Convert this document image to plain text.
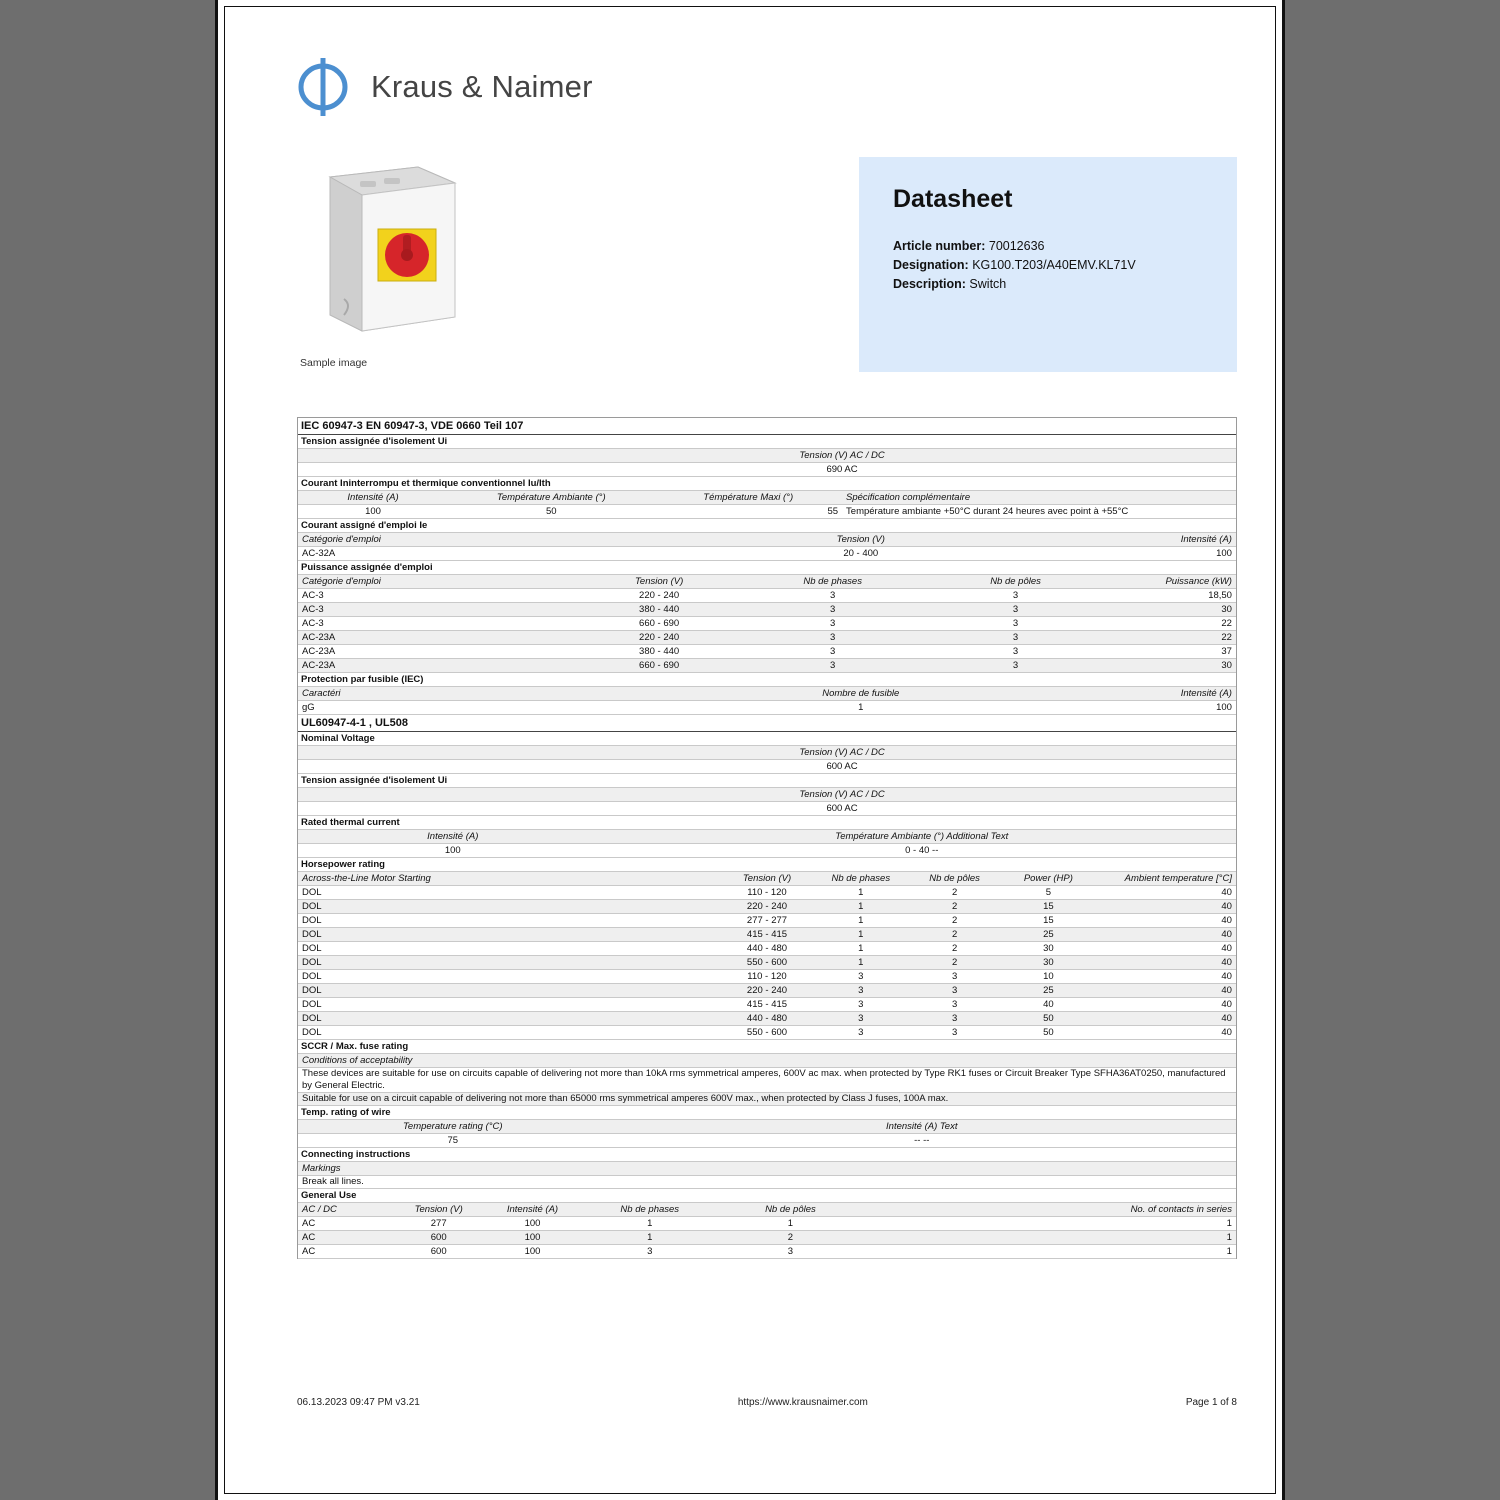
Kraus & Naimer
Sample image
Datasheet
Article number: 70012636
Designation: KG100.T203/A40EMV.KL71V
Description: Switch
IEC 60947-3 EN 60947-3, VDE 0660 Teil 107
Tension assignée d'isolement Ui
Tension (V) AC / DC
690 AC
Courant Ininterrompu et thermique conventionnel Iu/Ith
Intensité (A)	Température Ambiante (°)	Témpérature Maxi (°)	Spécification complémentaire
100	50	55 Température ambiante +50°C durant 24 heures avec point à +55°C
Courant assigné d'emploi Ie
Catégorie d'emploi	Tension (V)	Intensité (A)
AC-32A	20 - 400	100
Puissance assignée d'emploi
Catégorie d'emploi	Tension (V)	Nb de phases	Nb de pôles	Puissance (kW)
AC-3	220 - 240	3	3	18,50
AC-3	380 - 440	3	3	30
AC-3	660 - 690	3	3	22
AC-23A	220 - 240	3	3	22
AC-23A	380 - 440	3	3	37
AC-23A	660 - 690	3	3	30
Protection par fusible (IEC)
Caractéri	Nombre de fusible	Intensité (A)
gG	1	100
UL60947-4-1 , UL508
Nominal Voltage
Tension (V) AC / DC
600 AC
Tension assignée d'isolement Ui
Tension (V) AC / DC
600 AC
Rated thermal current
Intensité (A)	Température Ambiante (°) Additional Text
100	0 - 40 --
Horsepower rating
Across-the-Line Motor Starting	Tension (V)	Nb de phases	Nb de pôles	Power (HP)	Ambient temperature [°C]
DOL	110 - 120	1	2	5	40
DOL	220 - 240	1	2	15	40
DOL	277 - 277	1	2	15	40
DOL	415 - 415	1	2	25	40
DOL	440 - 480	1	2	30	40
DOL	550 - 600	1	2	30	40
DOL	110 - 120	3	3	10	40
DOL	220 - 240	3	3	25	40
DOL	415 - 415	3	3	40	40
DOL	440 - 480	3	3	50	40
DOL	550 - 600	3	3	50	40
SCCR / Max. fuse rating
Conditions of acceptability
These devices are suitable for use on circuits capable of delivering not more than 10kA rms symmetrical amperes, 600V ac max. when protected by Type RK1 fuses or Circuit Breaker Type SFHA36AT0250, manufactured by General Electric.
Suitable for use on a circuit capable of delivering not more than 65000 rms symmetrical amperes 600V max., when protected by Class J fuses, 100A max.
Temp. rating of wire
Temperature rating (°C)	Intensité (A) Text
75	-- --
Connecting instructions
Markings
Break all lines.
General Use
AC / DC	Tension (V)	Intensité (A)	Nb de phases	Nb de pôles	No. of contacts in series
AC	277	100	1	1	1
AC	600	100	1	2	1
AC	600	100	3	3	1
06.13.2023 09:47 PM v3.21	https://www.krausnaimer.com	Page 1 of 8
